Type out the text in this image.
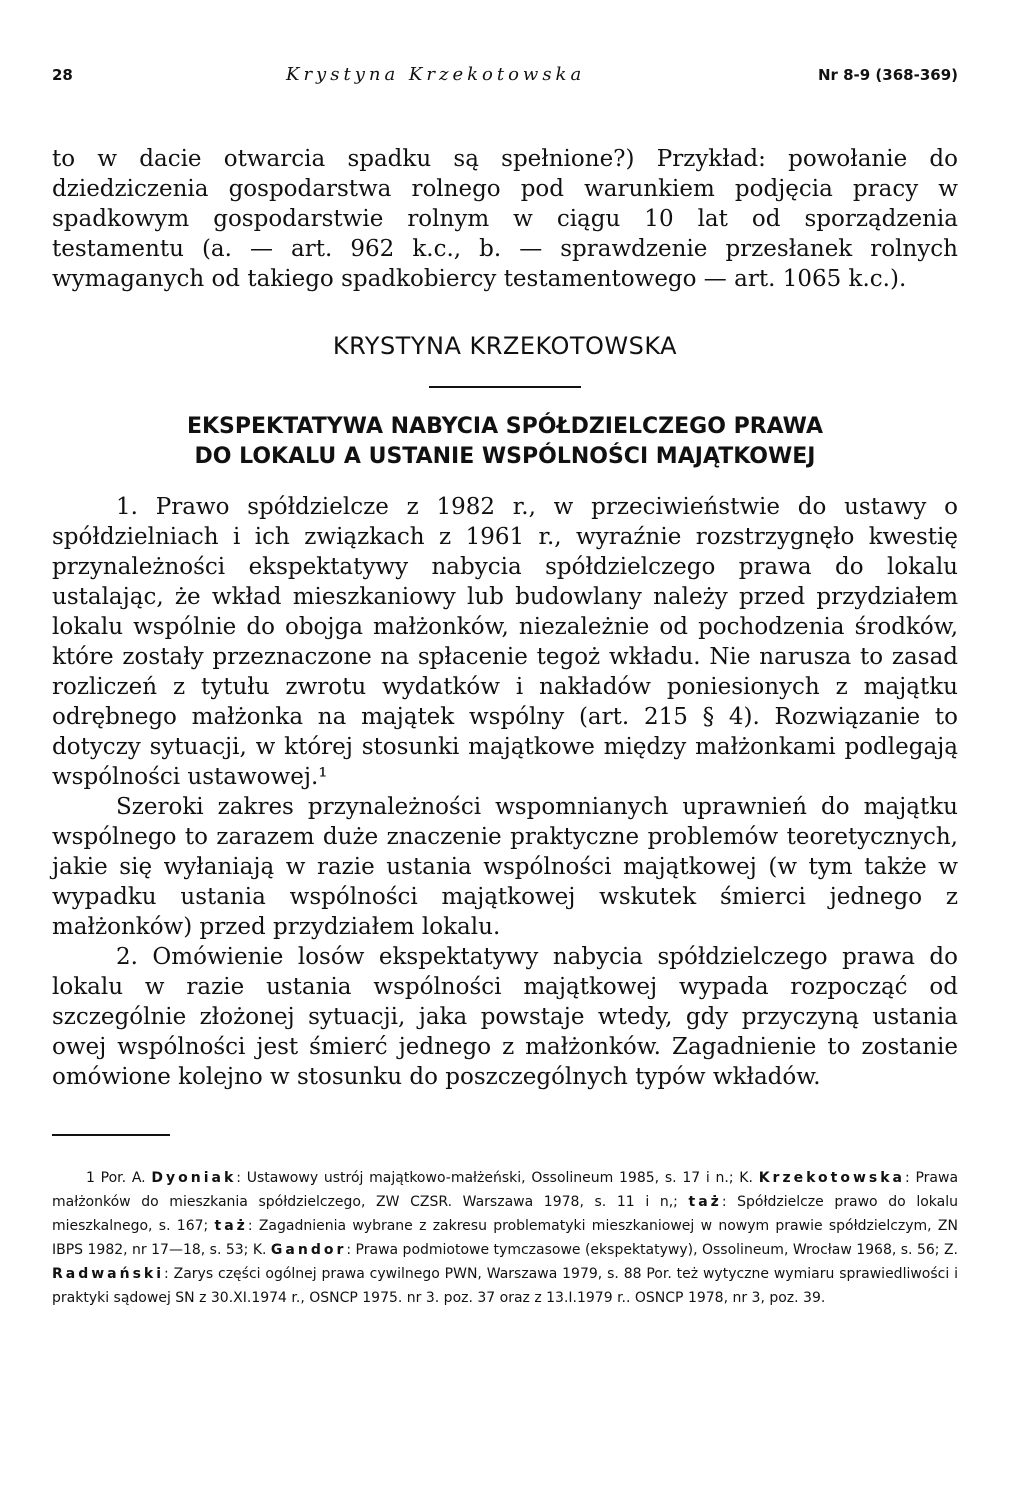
28	Krystyna Krzekotowska	Nr 8-9 (368-369)

to w dacie otwarcia spadku są spełnione?) Przykład: powołanie do dziedziczenia gospodarstwa rolnego pod warunkiem podjęcia pracy w spadkowym gospodarstwie rolnym w ciągu 10 lat od sporządzenia testamentu (a. — art. 962 k.c., b. — sprawdzenie przesłanek rolnych wymaganych od takiego spadkobiercy testamentowego — art. 1065 k.c.).

KRYSTYNA KRZEKOTOWSKA
EKSPEKTATYWA NABYCIA SPÓŁDZIELCZEGO PRAWA
DO LOKALU A USTANIE WSPÓLNOŚCI MAJĄTKOWEJ

1. Prawo spółdzielcze z 1982 r., w przeciwieństwie do ustawy o spółdzielniach i ich związkach z 1961 r., wyraźnie rozstrzygnęło kwestię przynależności ekspektatywy nabycia spółdzielczego prawa do lokalu ustalając, że wkład mieszkaniowy lub budowlany należy przed przydziałem lokalu wspólnie do obojga małżonków, niezależnie od pochodzenia środków, które zostały przeznaczone na spłacenie tegoż wkładu. Nie narusza to zasad rozliczeń z tytułu zwrotu wydatków i nakładów poniesionych z majątku odrębnego małżonka na majątek wspólny (art. 215 § 4). Rozwiązanie to dotyczy sytuacji, w której stosunki majątkowe między małżonkami podlegają wspólności ustawowej.¹

Szeroki zakres przynależności wspomnianych uprawnień do majątku wspólnego to zarazem duże znaczenie praktyczne problemów teoretycznych, jakie się wyłaniają w razie ustania wspólności majątkowej (w tym także w wypadku ustania wspólności majątkowej wskutek śmierci jednego z małżonków) przed przydziałem lokalu.

2. Omówienie losów ekspektatywy nabycia spółdzielczego prawa do lokalu w razie ustania wspólności majątkowej wypada rozpocząć od szczególnie złożonej sytuacji, jaka powstaje wtedy, gdy przyczyną ustania owej wspólności jest śmierć jednego z małżonków. Zagadnienie to zostanie omówione kolejno w stosunku do poszczególnych typów wkładów.

1 Por. A. Dyoniak: Ustawowy ustrój majątkowo-małżeński, Ossolineum 1985, s. 17 i n.; K. Krzekotowska: Prawa małżonków do mieszkania spółdzielczego, ZW CZSR. Warszawa 1978, s. 11 i n,; taż: Spółdzielcze prawo do lokalu mieszkalnego, s. 167; taż: Zagadnienia wybrane z zakresu problematyki mieszkaniowej w nowym prawie spółdzielczym, ZN IBPS 1982, nr 17—18, s. 53; K. Gandor: Prawa podmiotowe tymczasowe (ekspektatywy), Ossolineum, Wrocław 1968, s. 56; Z. Radwański: Zarys części ogólnej prawa cywilnego PWN, Warszawa 1979, s. 88 Por. też wytyczne wymiaru sprawiedliwości i praktyki sądowej SN z 30.XI.1974 r., OSNCP 1975. nr 3. poz. 37 oraz z 13.I.1979 r.. OSNCP 1978, nr 3, poz. 39.
